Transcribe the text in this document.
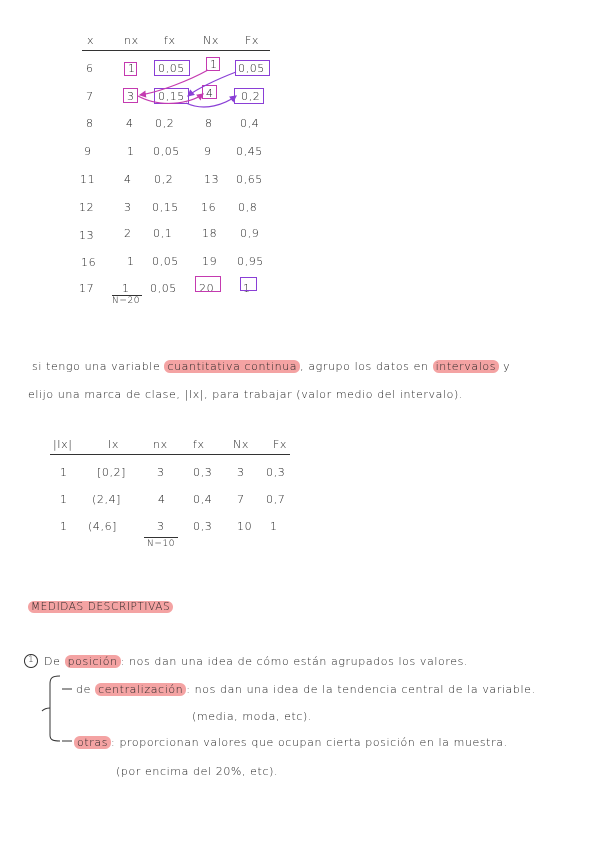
x	nx fx Nx Fx
6	1 0,05 1 0,05
7	3 0,15 4 0,2
8	4 0,2	8 0,4
9	1 0,05 9 0,45
11	4 0,2	13 0,65
12	3 0,15 16 0,8
13	2 0,1	18 0,9
16	1 0,05 19 0,95
17	1 0,05 20	1
N=20
si tengo una variable cuantitativa continua , agrupo los datos en intervalos y
elijo una marca de clase, |Ix|, para trabajar (valor medio del intervalo).
|Ix|	Ix	nx fx	Nx Fx
1	[0,2]	3	0,3 3 0,3
1 (2,4]	4 0,4 7 0,7
1 (4,6]	3	0,3 10 1
N=10
MEDIDAS DESCRIPTIVAS
1 De posición : nos dan una idea de cómo están agrupados los valores.
de centralización : nos dan una idea de la tendencia central de la variable.
(media, moda, etc).
otras : proporcionan valores que ocupan cierta posición en la muestra.
(por encima del 20%, etc).
